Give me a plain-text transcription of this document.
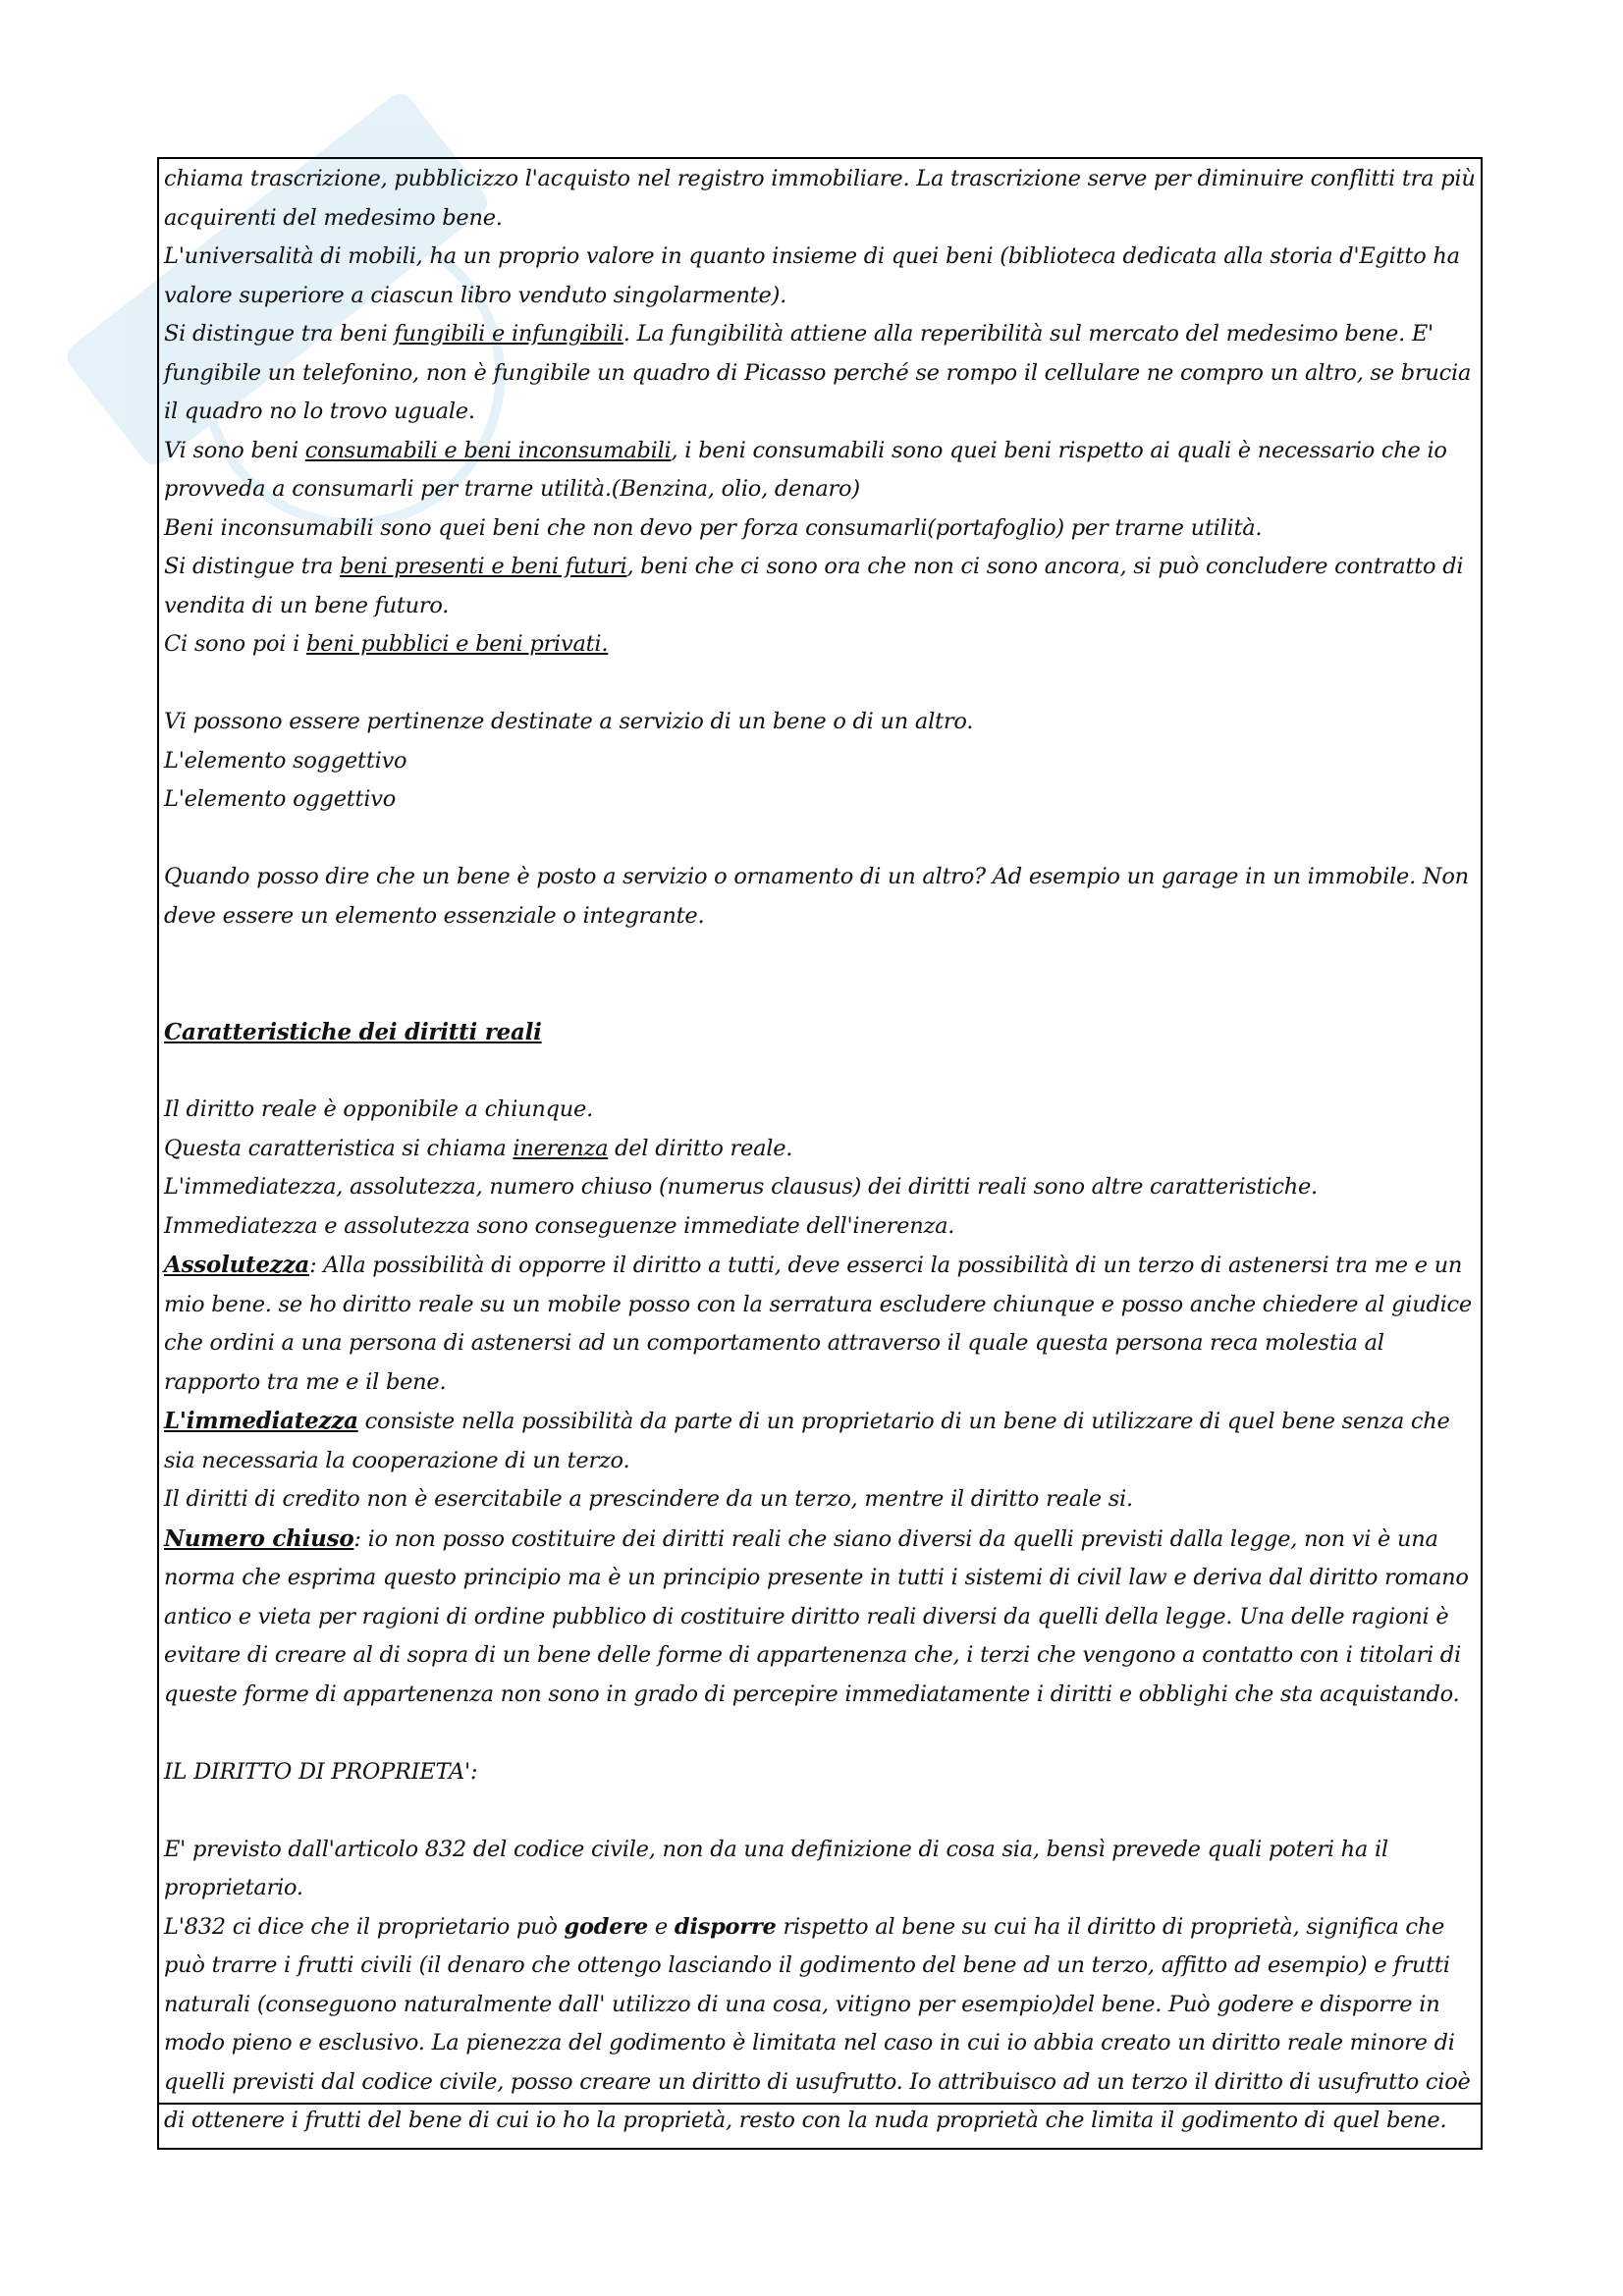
chiama trascrizione, pubblicizzo l'acquisto nel registro immobiliare. La trascrizione serve per diminuire conflitti tra più acquirenti del medesimo bene.

L'universalità di mobili, ha un proprio valore in quanto insieme di quei beni (biblioteca dedicata alla storia d'Egitto ha valore superiore a ciascun libro venduto singolarmente).

Si distingue tra beni fungibili e infungibili. La fungibilità attiene alla reperibilità sul mercato del medesimo bene. E' fungibile un telefonino, non è fungibile un quadro di Picasso perché se rompo il cellulare ne compro un altro, se brucia il quadro no lo trovo uguale.

Vi sono beni consumabili e beni inconsumabili, i beni consumabili sono quei beni rispetto ai quali è necessario che io provveda a consumarli per trarne utilità.(Benzina, olio, denaro)

Beni inconsumabili sono quei beni che non devo per forza consumarli(portafoglio) per trarne utilità.

Si distingue tra beni presenti e beni futuri, beni che ci sono ora che non ci sono ancora, si può concludere contratto di vendita di un bene futuro.

Ci sono poi i beni pubblici e beni privati.

Vi possono essere pertinenze destinate a servizio di un bene o di un altro.

L'elemento soggettivo

L'elemento oggettivo

Quando posso dire che un bene è posto a servizio o ornamento di un altro? Ad esempio un garage in un immobile. Non deve essere un elemento essenziale o integrante.

Caratteristiche dei diritti reali

Il diritto reale è opponibile a chiunque.

Questa caratteristica si chiama inerenza del diritto reale.

L'immediatezza, assolutezza, numero chiuso (numerus clausus) dei diritti reali sono altre caratteristiche.

Immediatezza e assolutezza sono conseguenze immediate dell'inerenza.

Assolutezza: Alla possibilità di opporre il diritto a tutti, deve esserci la possibilità di un terzo di astenersi tra me e un mio bene. se ho diritto reale su un mobile posso con la serratura escludere chiunque e posso anche chiedere al giudice che ordini a una persona di astenersi ad un comportamento attraverso il quale questa persona reca molestia al rapporto tra me e il bene.

L'immediatezza consiste nella possibilità da parte di un proprietario di un bene di utilizzare di quel bene senza che sia necessaria la cooperazione di un terzo.

Il diritti di credito non è esercitabile a prescindere da un terzo, mentre il diritto reale si.

Numero chiuso: io non posso costituire dei diritti reali che siano diversi da quelli previsti dalla legge, non vi è una norma che esprima questo principio ma è un principio presente in tutti i sistemi di civil law e deriva dal diritto romano antico e vieta per ragioni di ordine pubblico di costituire diritto reali diversi da quelli della legge. Una delle ragioni è evitare di creare al di sopra di un bene delle forme di appartenenza che, i terzi che vengono a contatto con i titolari di queste forme di appartenenza non sono in grado di percepire immediatamente i diritti e obblighi che sta acquistando.

IL DIRITTO DI PROPRIETA':

E' previsto dall'articolo 832 del codice civile, non da una definizione di cosa sia, bensì prevede quali poteri ha il proprietario.

L'832 ci dice che il proprietario può godere e disporre rispetto al bene su cui ha il diritto di proprietà, significa che può trarre i frutti civili (il denaro che ottengo lasciando il godimento del bene ad un terzo, affitto ad esempio) e frutti naturali (conseguono naturalmente dall' utilizzo di una cosa, vitigno per esempio)del bene. Può godere e disporre in modo pieno e esclusivo. La pienezza del godimento è limitata nel caso in cui io abbia creato un diritto reale minore di quelli previsti dal codice civile, posso creare un diritto di usufrutto. Io attribuisco ad un terzo il diritto di usufrutto cioè di ottenere i frutti del bene di cui io ho la proprietà, resto con la nuda proprietà che limita il godimento di quel bene.
